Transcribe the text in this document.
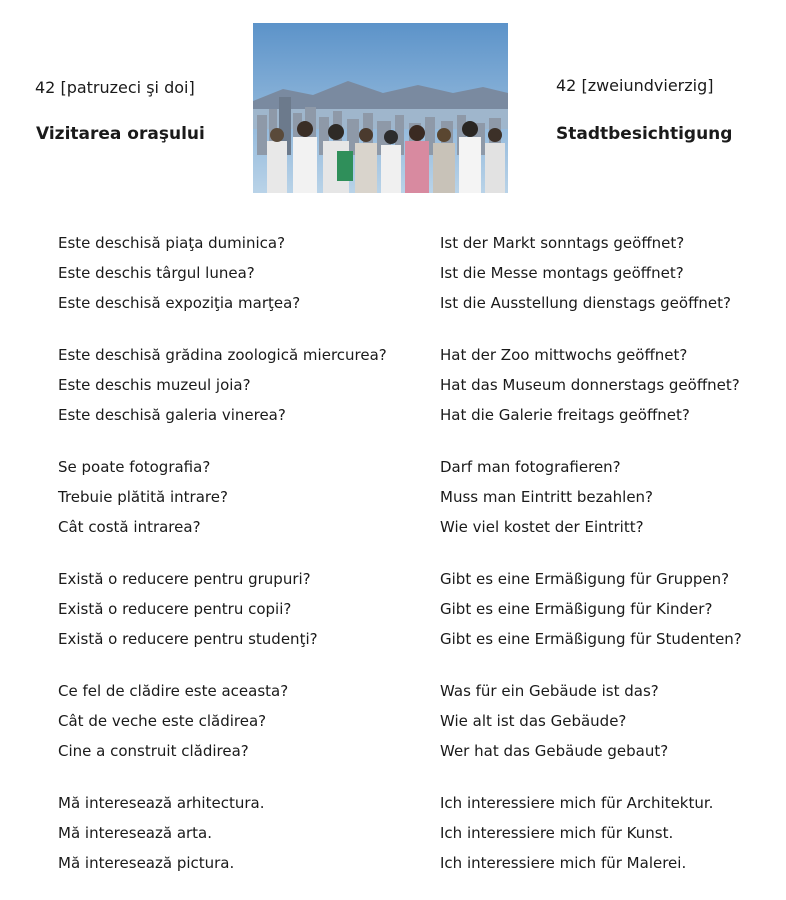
42 [patruzeci şi doi]
Vizitarea oraşului
42 [zweiundvierzig]
Stadtbesichtigung
Este deschisă piaţa duminica?	Ist der Markt sonntags geöffnet?
Este deschis târgul lunea?	Ist die Messe montags geöffnet?
Este deschisă expoziţia marţea?	Ist die Ausstellung dienstags geöffnet?
Este deschisă grădina zoologică miercurea?	Hat der Zoo mittwochs geöffnet?
Este deschis muzeul joia?	Hat das Museum donnerstags geöffnet?
Este deschisă galeria vinerea?	Hat die Galerie freitags geöffnet?
Se poate fotografia?	Darf man fotografieren?
Trebuie plătită intrare?	Muss man Eintritt bezahlen?
Cât costă intrarea?	Wie viel kostet der Eintritt?
Există o reducere pentru grupuri?	Gibt es eine Ermäßigung für Gruppen?
Există o reducere pentru copii?	Gibt es eine Ermäßigung für Kinder?
Există o reducere pentru studenţi?	Gibt es eine Ermäßigung für Studenten?
Ce fel de clădire este aceasta?	Was für ein Gebäude ist das?
Cât de veche este clădirea?	Wie alt ist das Gebäude?
Cine a construit clădirea?	Wer hat das Gebäude gebaut?
Mă interesează arhitectura.	Ich interessiere mich für Architektur.
Mă interesează arta.	Ich interessiere mich für Kunst.
Mă interesează pictura.	Ich interessiere mich für Malerei.
